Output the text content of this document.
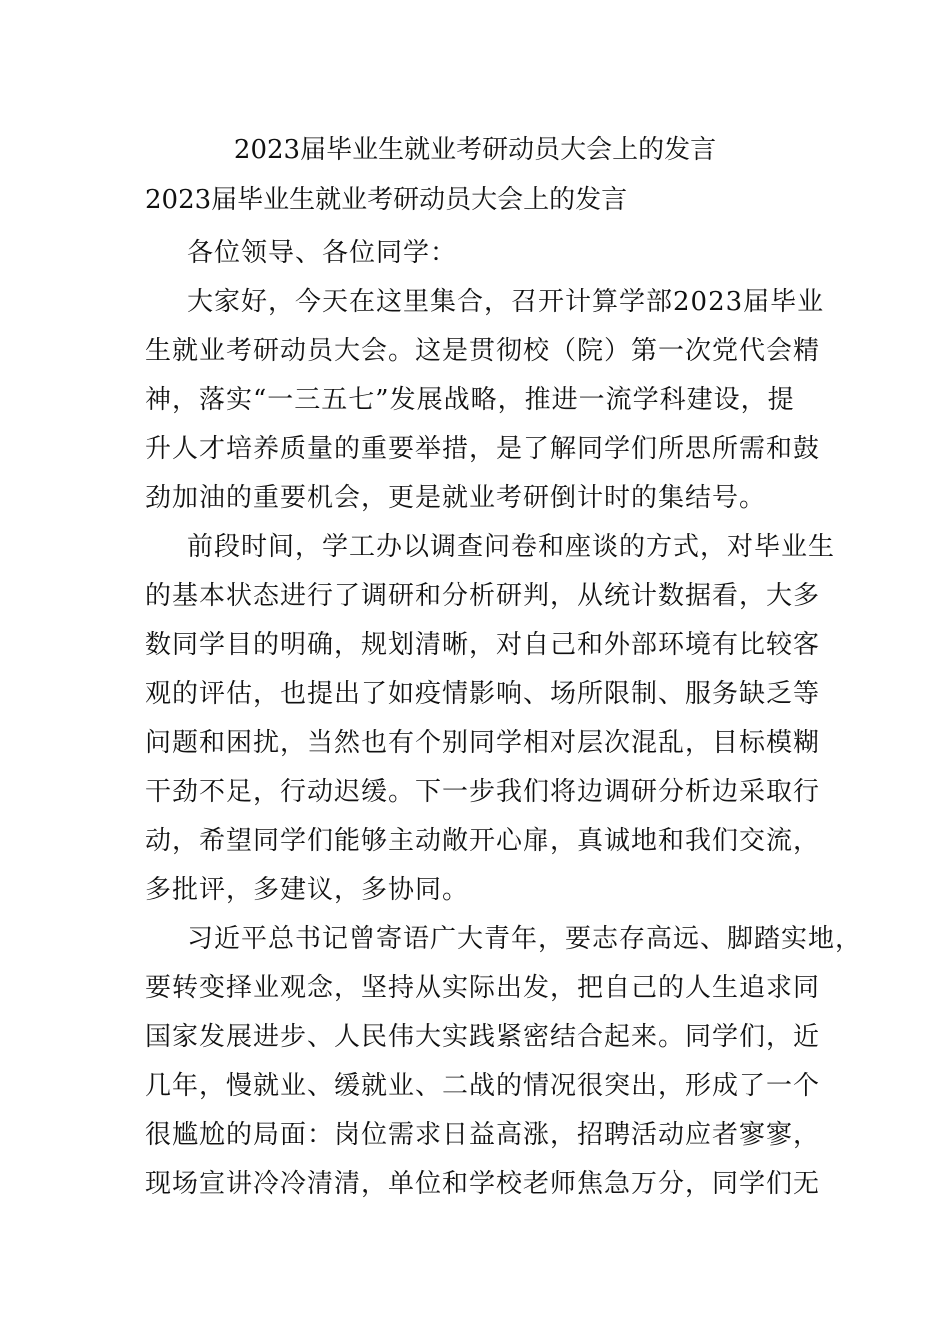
2023届毕业生就业考研动员大会上的发言
2023届毕业生就业考研动员大会上的发言
各位领导、各位同学：
大家好，今天在这里集合，召开计算学部2023届毕业
生就业考研动员大会。这是贯彻校（院）第一次党代会精
神，落实“一三五七”发展战略，推进一流学科建设，提
升人才培养质量的重要举措，是了解同学们所思所需和鼓
劲加油的重要机会，更是就业考研倒计时的集结号。
前段时间，学工办以调查问卷和座谈的方式，对毕业生
的基本状态进行了调研和分析研判，从统计数据看，大多
数同学目的明确，规划清晰，对自己和外部环境有比较客
观的评估，也提出了如疫情影响、场所限制、服务缺乏等
问题和困扰，当然也有个别同学相对层次混乱，目标模糊
干劲不足，行动迟缓。下一步我们将边调研分析边采取行
动，希望同学们能够主动敞开心扉，真诚地和我们交流，
多批评，多建议，多协同。
习近平总书记曾寄语广大青年，要志存高远、脚踏实地，
要转变择业观念，坚持从实际出发，把自己的人生追求同
国家发展进步、人民伟大实践紧密结合起来。同学们，近
几年，慢就业、缓就业、二战的情况很突出，形成了一个
很尴尬的局面：岗位需求日益高涨，招聘活动应者寥寥，
现场宣讲冷冷清清，单位和学校老师焦急万分，同学们无
